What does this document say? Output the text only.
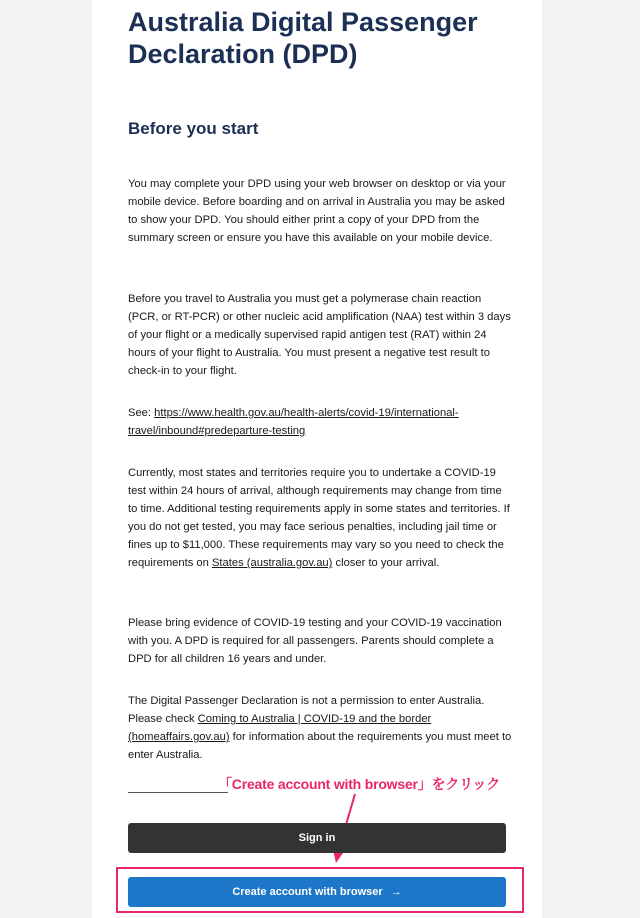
Australia Digital Passenger Declaration (DPD)
Before you start

You may complete your DPD using your web browser on desktop or via your mobile device. Before boarding and on arrival in Australia you may be asked to show your DPD. You should either print a copy of your DPD from the summary screen or ensure you have this available on your mobile device.

Before you travel to Australia you must get a polymerase chain reaction (PCR, or RT-PCR) or other nucleic acid amplification (NAA) test within 3 days of your flight or a medically supervised rapid antigen test (RAT) within 24 hours of your flight to Australia. You must present a negative test result to check-in to your flight.

See: https://www.health.gov.au/health-alerts/covid-19/international-travel/inbound#predeparture-testing

Currently, most states and territories require you to undertake a COVID-19 test within 24 hours of arrival, although requirements may change from time to time. Additional testing requirements apply in some states and territories. If you do not get tested, you may face serious penalties, including jail time or fines up to $11,000. These requirements may vary so you need to check the requirements on States (australia.gov.au) closer to your arrival.

Please bring evidence of COVID-19 testing and your COVID-19 vaccination with you. A DPD is required for all passengers. Parents should complete a DPD for all children 16 years and under.

The Digital Passenger Declaration is not a permission to enter Australia. Please check Coming to Australia | COVID-19 and the border (homeaffairs.gov.au) for information about the requirements you must meet to enter Australia.

「Create account with browser」をクリック
Sign in
Create account with browser →
